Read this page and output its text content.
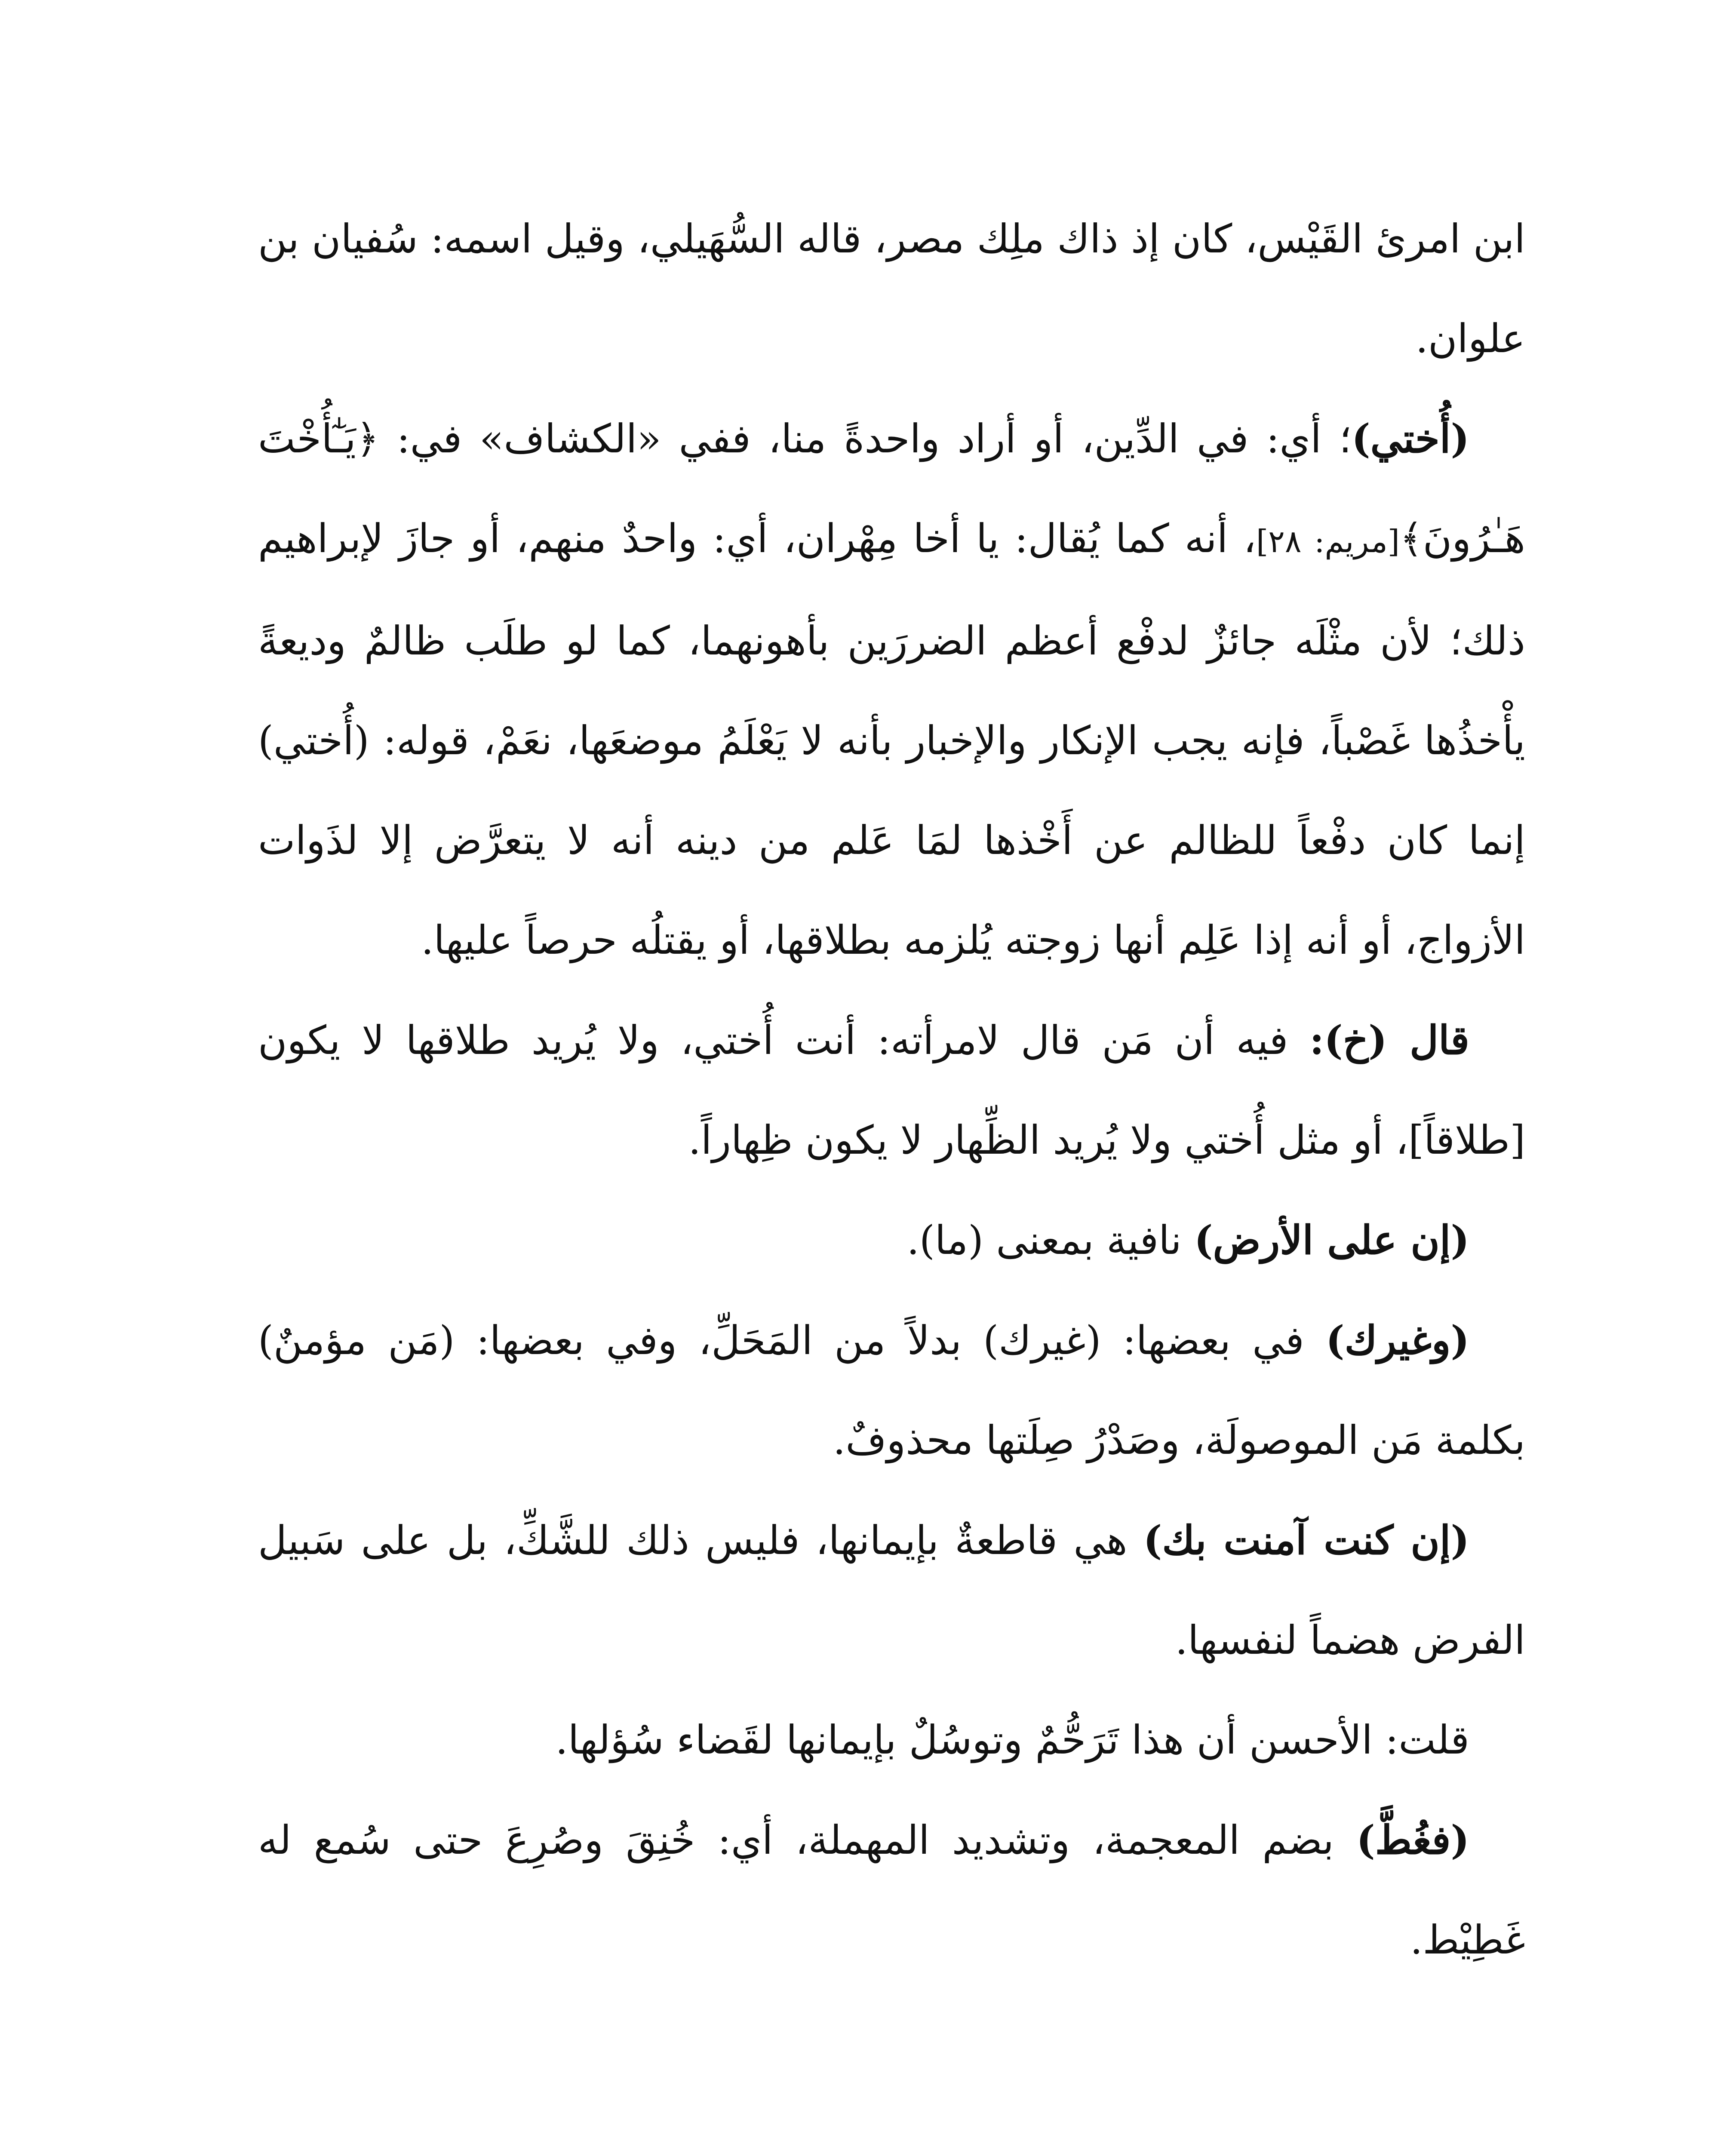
ابن امرئ القَيْس، كان إذ ذاك ملِك مصر، قاله السُّهَيلي، وقيل اسمه: سُفيان بن علوان.

(أُختي)؛ أي: في الدِّين، أو أراد واحدةً منا، ففي «الكشاف» في: ﴿يَـٰٓأُخْتَ هَـٰرُونَ﴾[مريم: ٢٨]، أنه كما يُقال: يا أخا مِهْران، أي: واحدٌ منهم، أو جازَ لإبراهيم ذلك؛ لأن مثْلَه جائزٌ لدفْع أعظم الضررَين بأهونهما، كما لو طلَب ظالمٌ وديعةً يأْخذُها غَصْباً، فإنه يجب الإنكار والإخبار بأنه لا يَعْلَمُ موضعَها، نعَمْ، قوله: (أُختي) إنما كان دفْعاً للظالم عن أَخْذها لمَا عَلم من دينه أنه لا يتعرَّض إلا لذَوات الأزواج، أو أنه إذا عَلِم أنها زوجته يُلزمه بطلاقها، أو يقتلُه حرصاً عليها.

قال (خ): فيه أن مَن قال لامرأته: أنت أُختي، ولا يُريد طلاقها لا يكون [طلاقاً]، أو مثل أُختي ولا يُريد الظِّهار لا يكون ظِهاراً.

(إن على الأرض) نافية بمعنى (ما).

(وغيرك) في بعضها: (غيرك) بدلاً من المَحَلِّ، وفي بعضها: (مَن مؤمنٌ) بكلمة مَن الموصولَة، وصَدْرُ صِلَتها محذوفٌ.

(إن كنت آمنت بك) هي قاطعةٌ بإيمانها، فليس ذلك للشَّكِّ، بل على سَبيل الفرض هضماً لنفسها.

قلت: الأحسن أن هذا تَرَحُّمٌ وتوسُلٌ بإيمانها لقَضاء سُؤلها.

(فغُطَّ) بضم المعجمة، وتشديد المهملة، أي: خُنِقَ وصُرِعَ حتى سُمع له غَطِيْط.
